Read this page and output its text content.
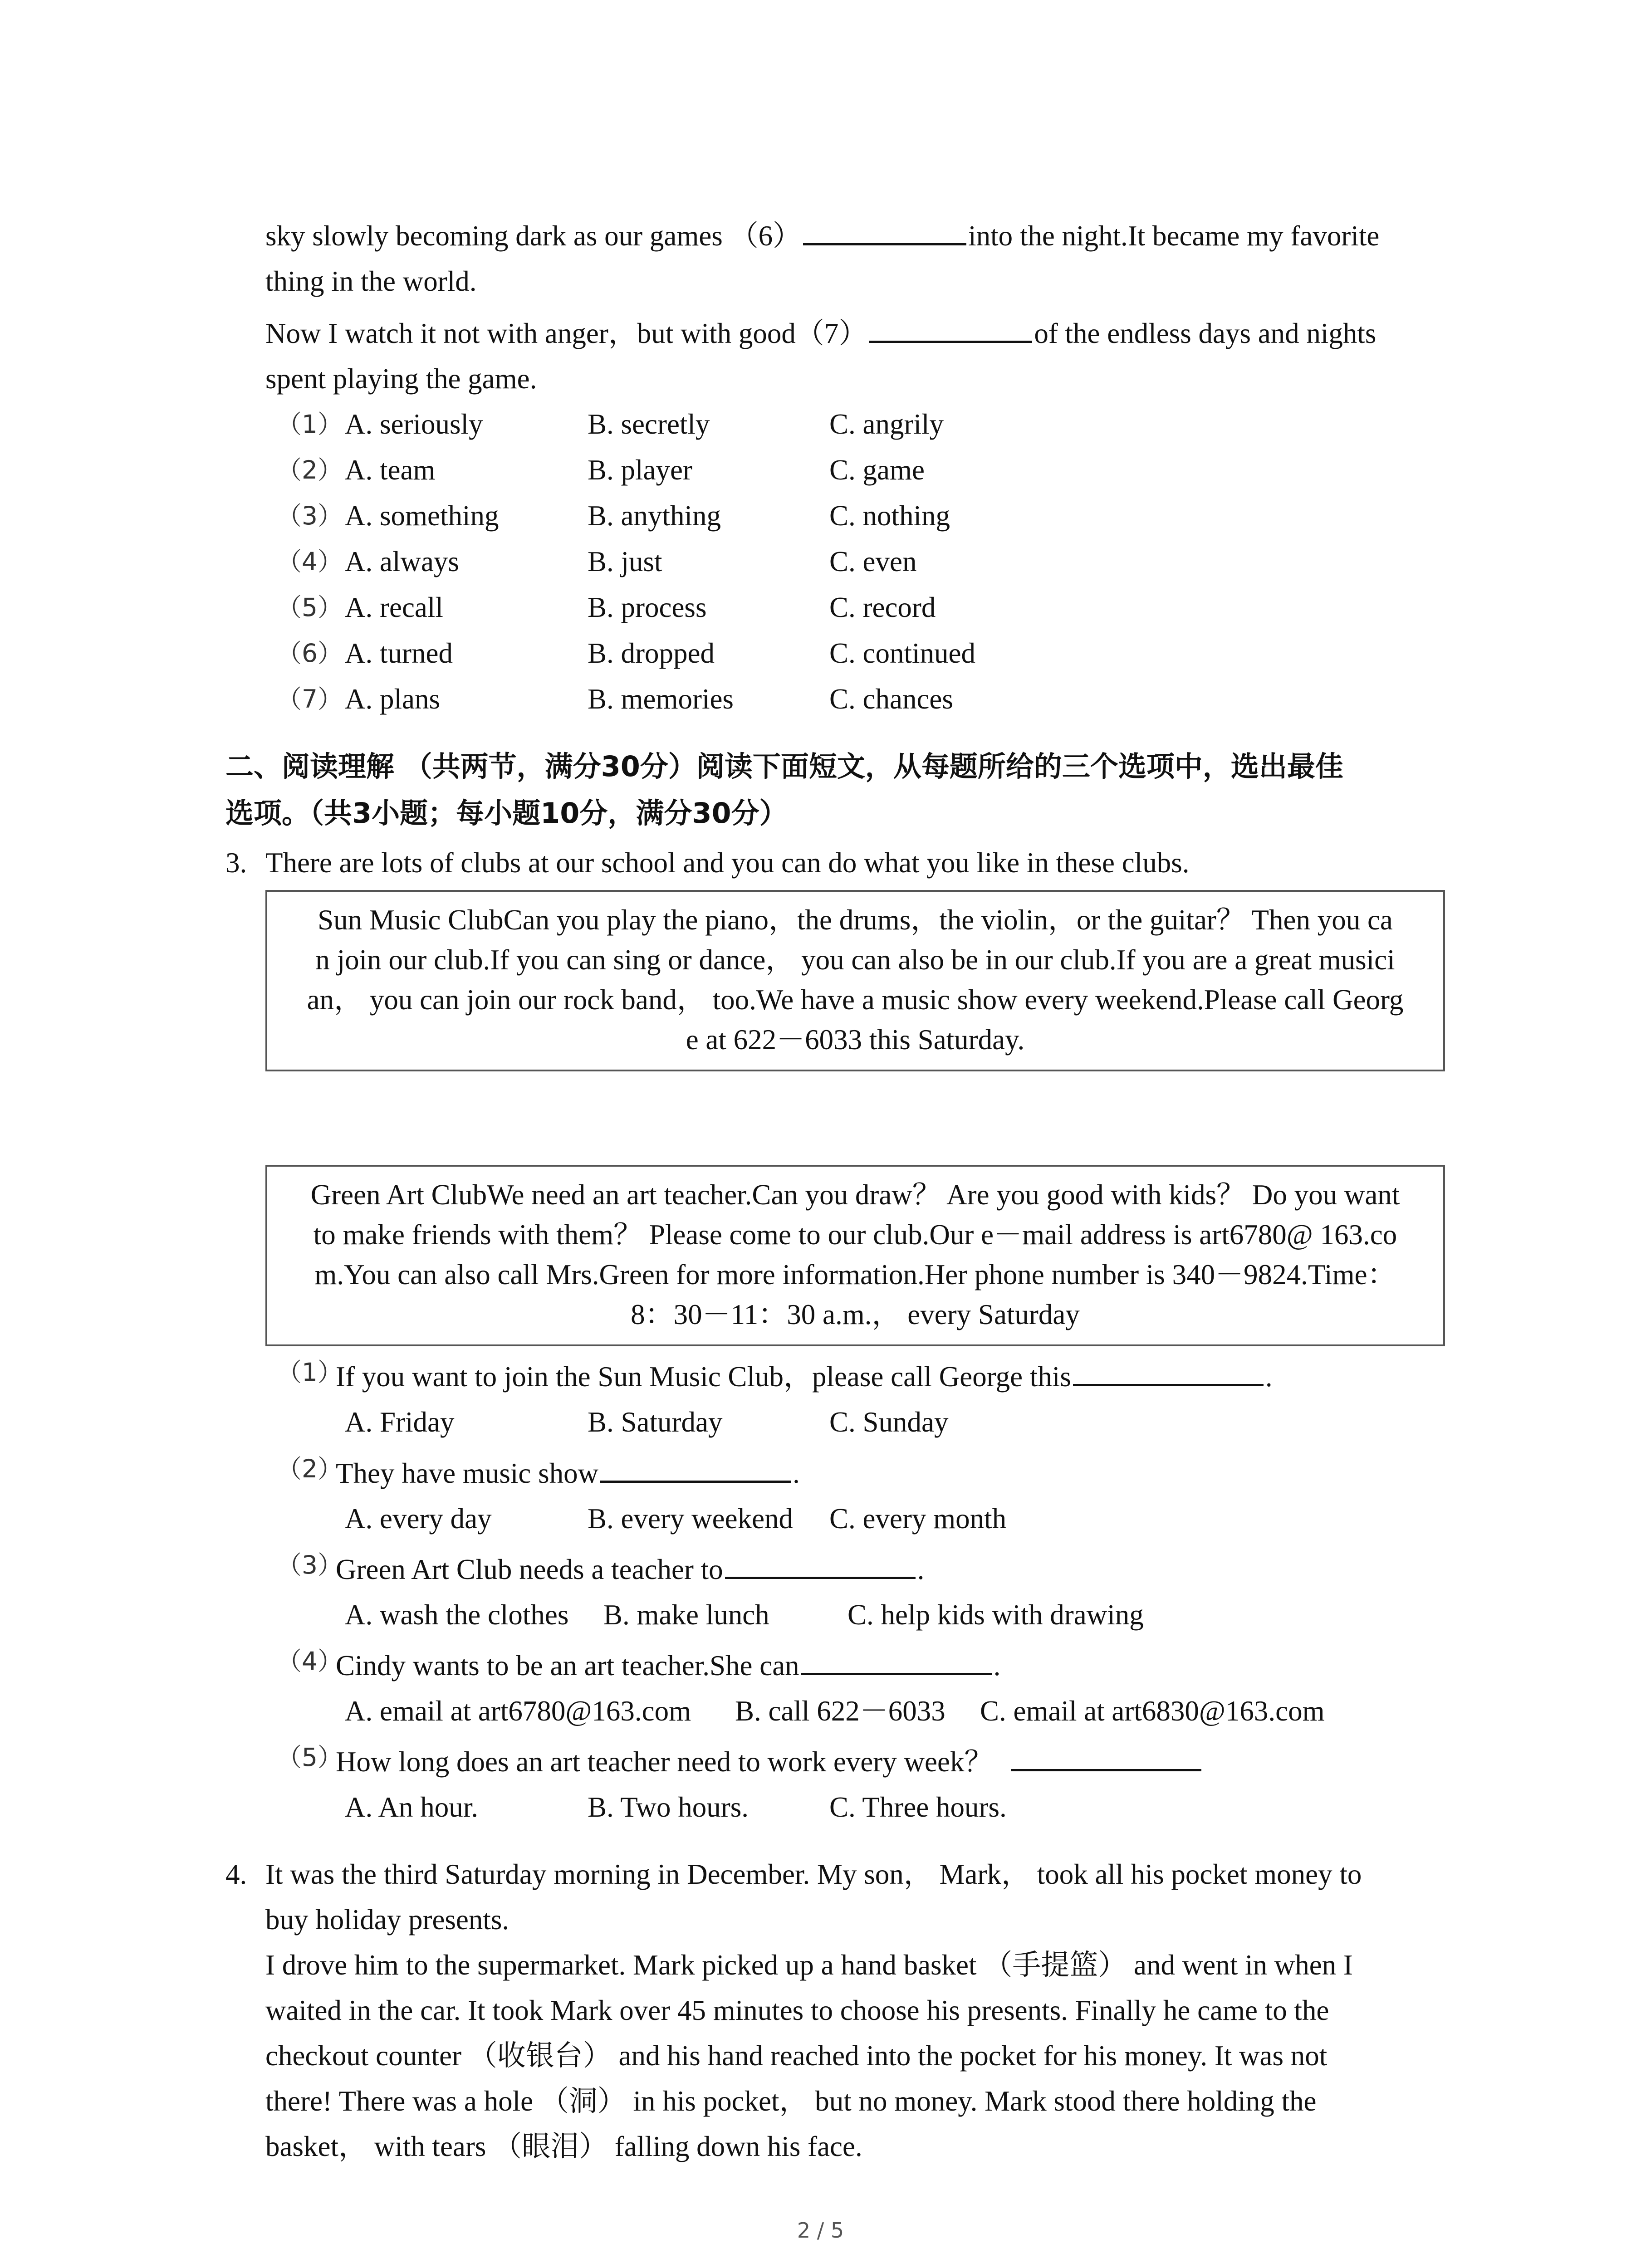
sky slowly becoming dark as our games （6）	into the night.It became my favorite
thing in the world.
Now I watch it not with anger，but with good（7）	of the endless days and nights
spent playing the game.
（1） A. seriously	B. secretly	C. angrily
（2） A. team	B. player	C. game
（3） A. something	B. anything	C. nothing
（4） A. always	B. just	C. even
（5） A. recall	B. process	C. record
（6） A. turned	B. dropped	C. continued
（7） A. plans	B. memories	C. chances
二、阅读理解 （共两节，满分30分）阅读下面短文，从每题所给的三个选项中，选出最佳
选项。（共3小题；每小题10分，满分30分）
3. There are lots of clubs at our school and you can do what you like in these clubs.
Sun Music ClubCan you play the piano，the drums，the violin，or the guitar？ Then you ca
n join our club.If you can sing or dance， you can also be in our club.If you are a great musici
an， you can join our rock band， too.We have a music show every weekend.Please call Georg
e at 622－6033 this Saturday.
Green Art ClubWe need an art teacher.Can you draw？ Are you good with kids？ Do you want
to make friends with them？ Please come to our club.Our e－mail address is art6780@ 163.co
m.You can also call Mrs.Green for more information.Her phone number is 340－9824.Time：
8：30－11：30 a.m.， every Saturday
（1）
If you want to join the Sun Music Club，please call George this	.
A. Friday	B. Saturday	C. Sunday
（2）
They have music show	.
A. every day	B. every weekend C. every month
（3）
Green Art Club needs a teacher to	.
A. wash the clothes B. make lunch	C. help kids with drawing
（4）
Cindy wants to be an art teacher.She can	.
A. email at art6780@163.com B. call 622－6033 C. email at art6830@163.com
（5）
How long does an art teacher need to work every week？
A. An hour.	B. Two hours.	C. Three hours.
4. It was the third Saturday morning in December. My son， Mark， took all his pocket money to
buy holiday presents.
I drove him to the supermarket. Mark picked up a hand basket （手提篮） and went in when I
waited in the car. It took Mark over 45 minutes to choose his presents. Finally he came to the
checkout counter （收银台） and his hand reached into the pocket for his money. It was not
there! There was a hole （洞） in his pocket， but no money. Mark stood there holding the
basket， with tears （眼泪） falling down his face.
2 / 5
